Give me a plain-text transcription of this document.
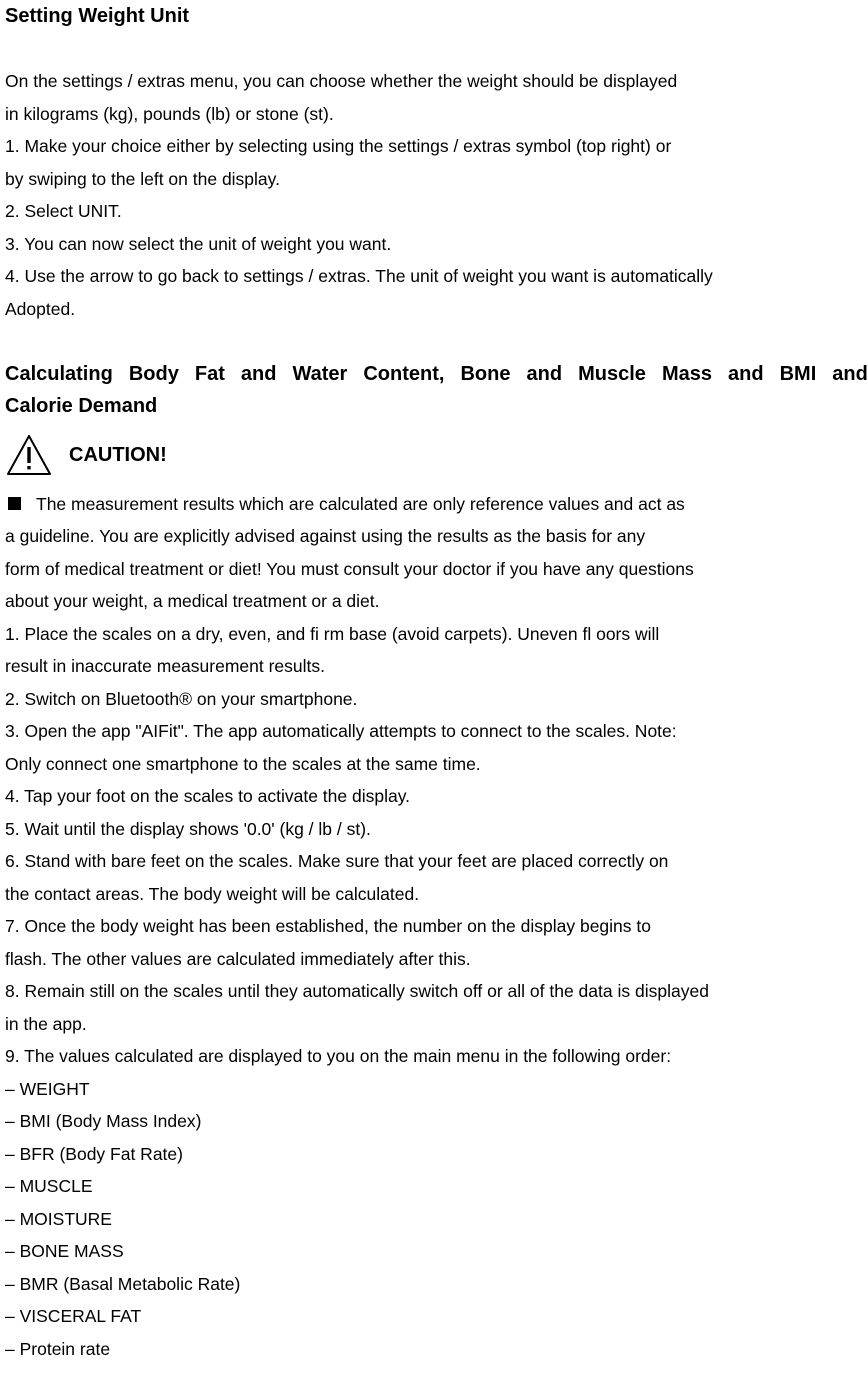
Setting Weight Unit
On the settings / extras menu, you can choose whether the weight should be displayed
in kilograms (kg), pounds (lb) or stone (st).
1. Make your choice either by selecting using the settings / extras symbol (top right) or
by swiping to the left on the display.
2. Select UNIT.
3. You can now select the unit of weight you want.
4. Use the arrow to go back to settings / extras. The unit of weight you want is automatically
Adopted.
Calculating Body Fat and Water Content, Bone and Muscle Mass and BMI and
Calorie Demand
CAUTION!
The measurement results which are calculated are only reference values and act as
a guideline. You are explicitly advised against using the results as the basis for any
form of medical treatment or diet! You must consult your doctor if you have any questions
about your weight, a medical treatment or a diet.
1. Place the scales on a dry, even, and fi rm base (avoid carpets). Uneven fl oors will
result in inaccurate measurement results.
2. Switch on Bluetooth® on your smartphone.
3. Open the app "AIFit". The app automatically attempts to connect to the scales. Note:
Only connect one smartphone to the scales at the same time.
4. Tap your foot on the scales to activate the display.
5. Wait until the display shows '0.0' (kg / lb / st).
6. Stand with bare feet on the scales. Make sure that your feet are placed correctly on
the contact areas. The body weight will be calculated.
7. Once the body weight has been established, the number on the display begins to
flash. The other values are calculated immediately after this.
8. Remain still on the scales until they automatically switch off or all of the data is displayed
in the app.
9. The values calculated are displayed to you on the main menu in the following order:
– WEIGHT
– BMI (Body Mass Index)
– BFR (Body Fat Rate)
– MUSCLE
– MOISTURE
– BONE MASS
– BMR (Basal Metabolic Rate)
– VISCERAL FAT
– Protein rate
